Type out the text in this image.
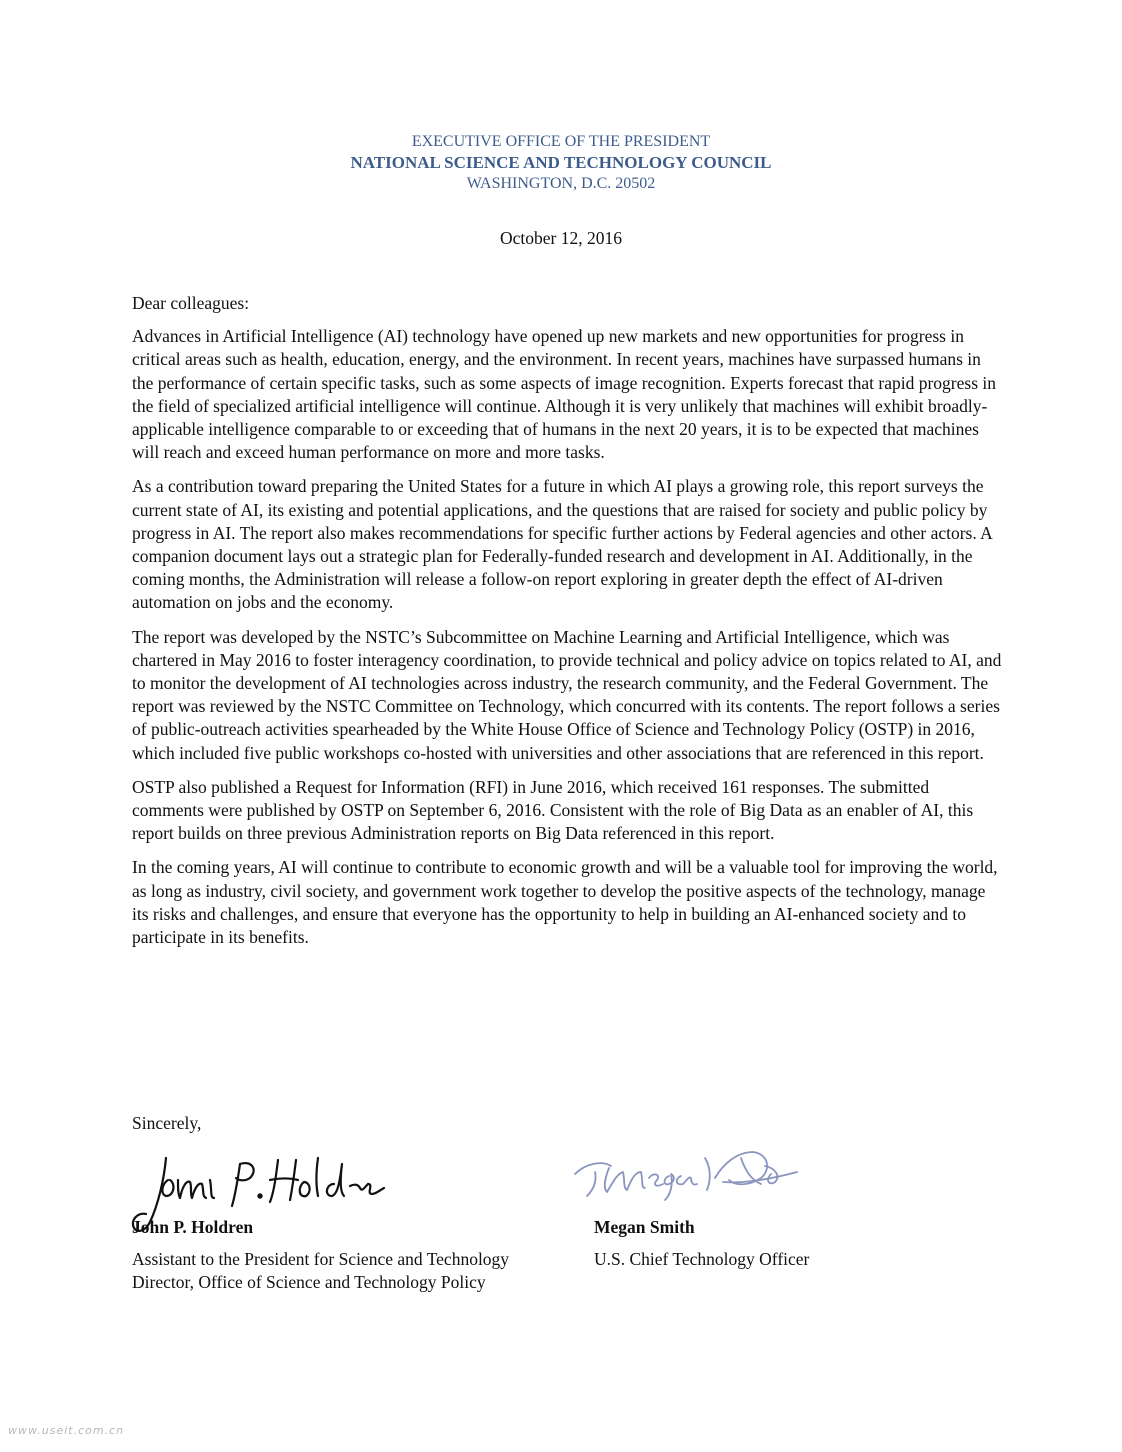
EXECUTIVE OFFICE OF THE PRESIDENT
NATIONAL SCIENCE AND TECHNOLOGY COUNCIL
WASHINGTON, D.C. 20502
October 12, 2016

Dear colleagues:

Advances in Artificial Intelligence (AI) technology have opened up new markets and new opportunities for progress in critical areas such as health, education, energy, and the environment. In recent years, machines have surpassed humans in the performance of certain specific tasks, such as some aspects of image recognition. Experts forecast that rapid progress in the field of specialized artificial intelligence will continue. Although it is very unlikely that machines will exhibit broadly-applicable intelligence comparable to or exceeding that of humans in the next 20 years, it is to be expected that machines will reach and exceed human performance on more and more tasks.

As a contribution toward preparing the United States for a future in which AI plays a growing role, this report surveys the current state of AI, its existing and potential applications, and the questions that are raised for society and public policy by progress in AI. The report also makes recommendations for specific further actions by Federal agencies and other actors. A companion document lays out a strategic plan for Federally-funded research and development in AI. Additionally, in the coming months, the Administration will release a follow-on report exploring in greater depth the effect of AI-driven automation on jobs and the economy.

The report was developed by the NSTC’s Subcommittee on Machine Learning and Artificial Intelligence, which was chartered in May 2016 to foster interagency coordination, to provide technical and policy advice on topics related to AI, and to monitor the development of AI technologies across industry, the research community, and the Federal Government. The report was reviewed by the NSTC Committee on Technology, which concurred with its contents. The report follows a series of public-outreach activities spearheaded by the White House Office of Science and Technology Policy (OSTP) in 2016, which included five public workshops co-hosted with universities and other associations that are referenced in this report.

OSTP also published a Request for Information (RFI) in June 2016, which received 161 responses. The submitted comments were published by OSTP on September 6, 2016. Consistent with the role of Big Data as an enabler of AI, this report builds on three previous Administration reports on Big Data referenced in this report.

In the coming years, AI will continue to contribute to economic growth and will be a valuable tool for improving the world, as long as industry, civil society, and government work together to develop the positive aspects of the technology, manage its risks and challenges, and ensure that everyone has the opportunity to help in building an AI-enhanced society and to participate in its benefits.

Sincerely,
John P. Holdren
Assistant to the President for Science and Technology
Director, Office of Science and Technology Policy
Megan Smith
U.S. Chief Technology Officer
www.useit.com.cn
